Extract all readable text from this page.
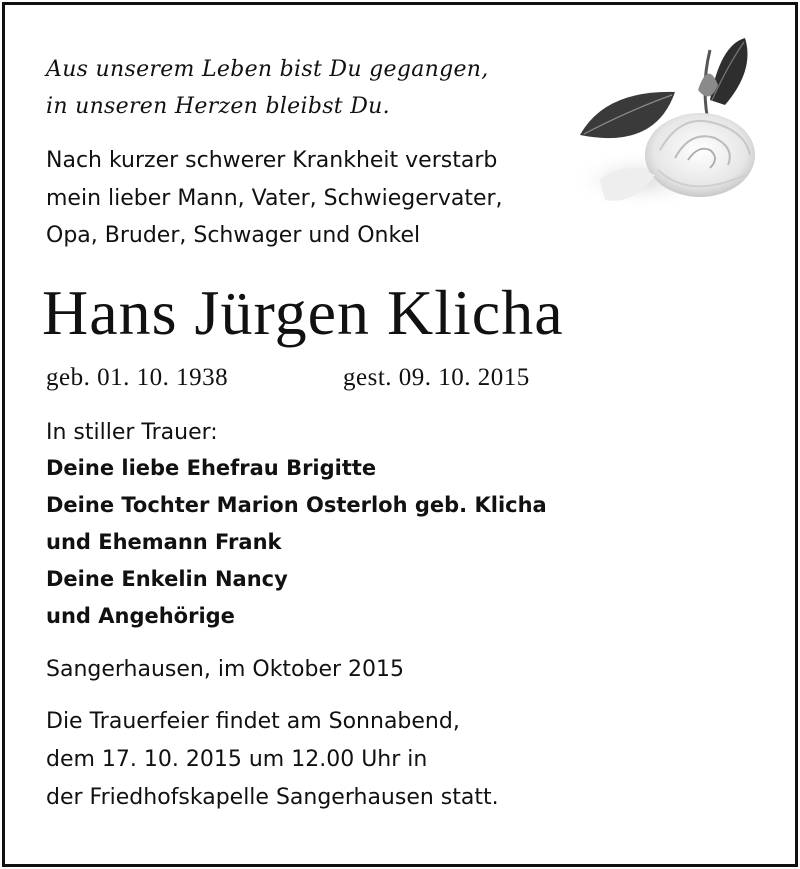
Aus unserem Leben bist Du gegangen,

in unseren Herzen bleibst Du.

Nach kurzer schwerer Krankheit verstarb

mein lieber Mann, Vater, Schwiegervater,

Opa, Bruder, Schwager und Onkel

Hans Jürgen Klicha

geb. 01. 10. 1938	gest. 09. 10. 2015

In stiller Trauer:

Deine liebe Ehefrau Brigitte

Deine Tochter Marion Osterloh geb. Klicha

und Ehemann Frank

Deine Enkelin Nancy

und Angehörige

Sangerhausen, im Oktober 2015

Die Trauerfeier findet am Sonnabend,

dem 17. 10. 2015 um 12.00 Uhr in

der Friedhofskapelle Sangerhausen statt.
